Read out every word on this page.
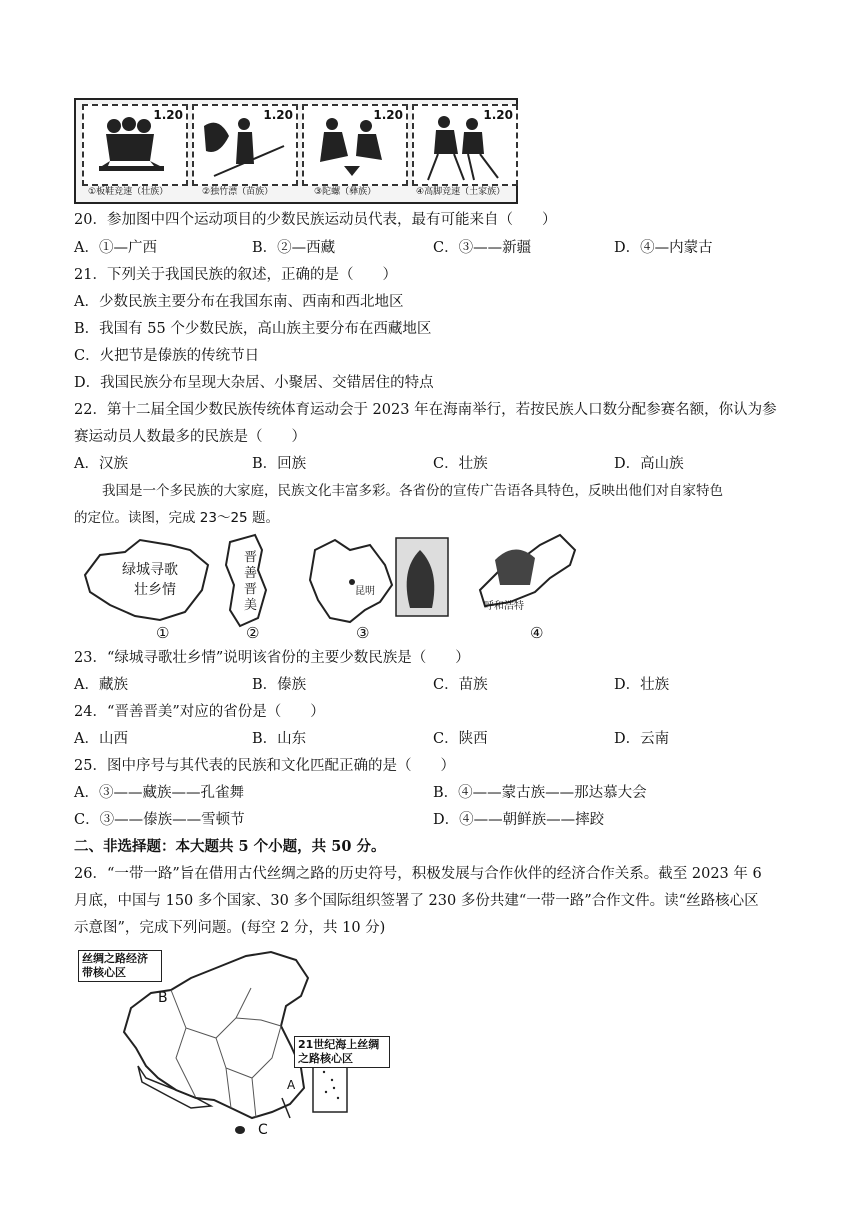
1.20
①板鞋竞速（壮族）
1.20
②独竹漂（苗族）
1.20
③陀螺（彝族）
1.20
④高脚竞速（土家族）
20．参加图中四个运动项目的少数民族运动员代表，最有可能来自（　　）
A．①—广西	B．②—西藏	C．③——新疆	D．④—内蒙古
21．下列关于我国民族的叙述，正确的是（　　）
A．少数民族主要分布在我国东南、西南和西北地区
B．我国有 55 个少数民族，高山族主要分布在西藏地区
C．火把节是傣族的传统节日
D．我国民族分布呈现大杂居、小聚居、交错居住的特点
22．第十二届全国少数民族传统体育运动会于 2023 年在海南举行，若按民族人口数分配参赛名额，你认为参
赛运动员人数最多的民族是（　　）
A．汉族	B．回族	C．壮族	D．高山族
我国是一个多民族的大家庭，民族文化丰富多彩。各省份的宣传广告语各具特色，反映出他们对自家特色
的定位。读图，完成 23～25 题。
绿城寻歌
壮乡情
晋善晋美
昆明
呼和浩特
①	②	③	④
23．“绿城寻歌壮乡情”说明该省份的主要少数民族是（　　）
A．藏族	B．傣族	C．苗族	D．壮族
24．“晋善晋美”对应的省份是（　　）
A．山西	B．山东	C．陕西	D．云南
25．图中序号与其代表的民族和文化匹配正确的是（　　）
A．③——藏族——孔雀舞	B．④——蒙古族——那达慕大会
C．③——傣族——雪顿节	D．④——朝鲜族——摔跤
二、非选择题：本大题共 5 个小题，共 50 分。
26．“一带一路”旨在借用古代丝绸之路的历史符号，积极发展与合作伙伴的经济合作关系。截至 2023 年 6
月底，中国与 150 多个国家、30 多个国际组织签署了 230 多份共建“一带一路”合作文件。读“丝路核心区
示意图”，完成下列问题。(每空 2 分，共 10 分)
丝绸之路经济
带核心区
21世纪海上丝绸
之路核心区
B
A
C
